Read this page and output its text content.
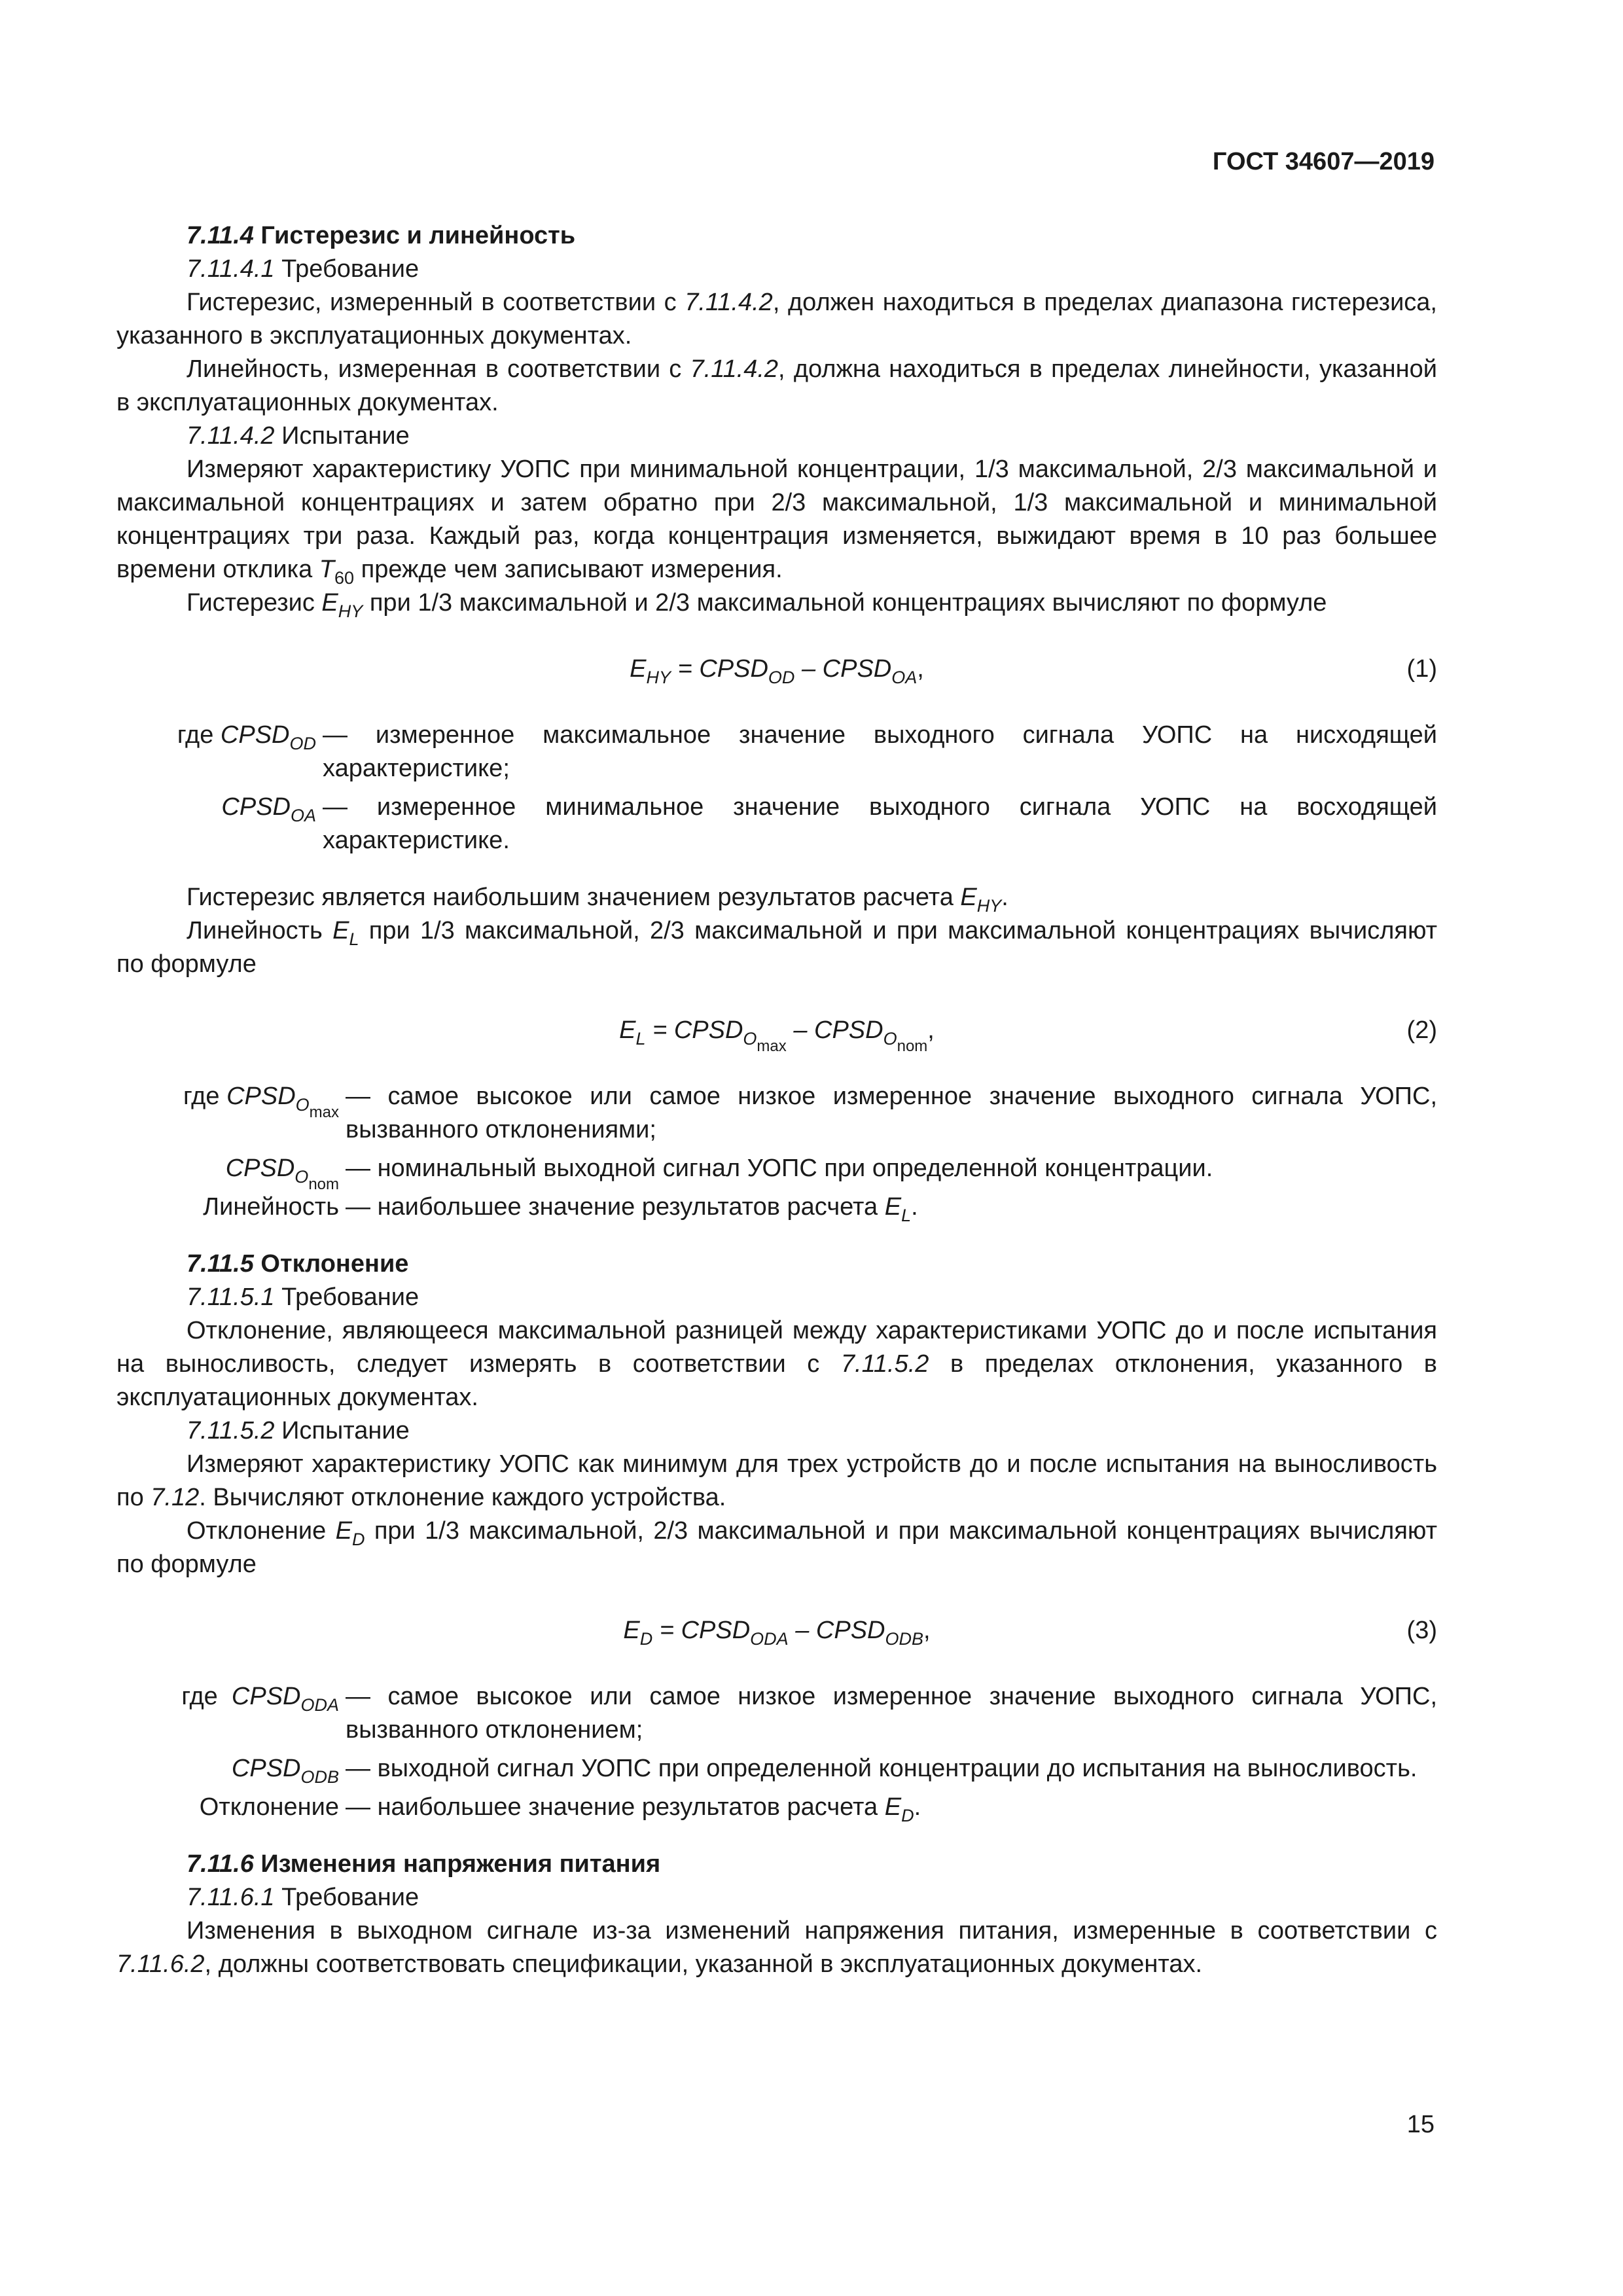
ГОСТ 34607—2019

7.11.4 Гистерезис и линейность

7.11.4.1 Требование

Гистерезис, измеренный в соответствии с 7.11.4.2, должен находиться в пределах диапазона гистерезиса, указанного в эксплуатационных документах.

Линейность, измеренная в соответствии с 7.11.4.2, должна находиться в пределах линейности, указанной в эксплуатационных документах.

7.11.4.2 Испытание

Измеряют характеристику УОПС при минимальной концентрации, 1/3 максимальной, 2/3 максимальной и максимальной концентрациях и затем обратно при 2/3 максимальной, 1/3 максимальной и минимальной концентрациях три раза. Каждый раз, когда концентрация изменяется, выжидают время в 10 раз большее времени отклика $T_{60}$ прежде чем записывают измерения.

Гистерезис $E_{HY}$ при 1/3 максимальной и 2/3 максимальной концентрациях вычисляют по формуле

$E_{HY}$ = $CPSD_{OD}$ – $CPSD_{OA}$,	(1)
где $CPSD_{OD}$ — измеренное максимальное значение выходного сигнала УОПС на нисходящей характеристике;
$CPSD_{OA}$ — измеренное минимальное значение выходного сигнала УОПС на восходящей характеристике.

Гистерезис является наибольшим значением результатов расчета $E_{HY}$.

Линейность $E_L$ при 1/3 максимальной, 2/3 максимальной и при максимальной концентрациях вычисляют по формуле

$E_L$ = $CPSD_{O_{max}}$ – $CPSD_{O_{nom}}$,	(2)
где $CPSD_{O_{max}}$
— самое высокое или самое низкое измеренное значение выходного сигнала УОПС, вызванного отклонениями;
$CPSD_{O_{nom}}$
— номинальный выходной сигнал УОПС при определенной концентрации.
Линейность — наибольшее значение результатов расчета $E_L$.

7.11.5 Отклонение

7.11.5.1 Требование

Отклонение, являющееся максимальной разницей между характеристиками УОПС до и после испытания на выносливость, следует измерять в соответствии с 7.11.5.2 в пределах отклонения, указанного в эксплуатационных документах.

7.11.5.2 Испытание

Измеряют характеристику УОПС как минимум для трех устройств до и после испытания на выносливость по 7.12. Вычисляют отклонение каждого устройства.

Отклонение $E_D$ при 1/3 максимальной, 2/3 максимальной и при максимальной концентрациях вычисляют по формуле

$E_D$ = $CPSD_{ODA}$ – $CPSD_{ODB}$,	(3)
где  $CPSD_{ODA}$ — самое высокое или самое низкое измеренное значение выходного сигнала УОПС, вызванного отклонением;
$CPSD_{ODB}$ — выходной сигнал УОПС при определенной концентрации до испытания на выносливость.
Отклонение — наибольшее значение результатов расчета $E_D$.

7.11.6 Изменения напряжения питания

7.11.6.1 Требование

Изменения в выходном сигнале из-за изменений напряжения питания, измеренные в соответствии с 7.11.6.2, должны соответствовать спецификации, указанной в эксплуатационных документах.

15
